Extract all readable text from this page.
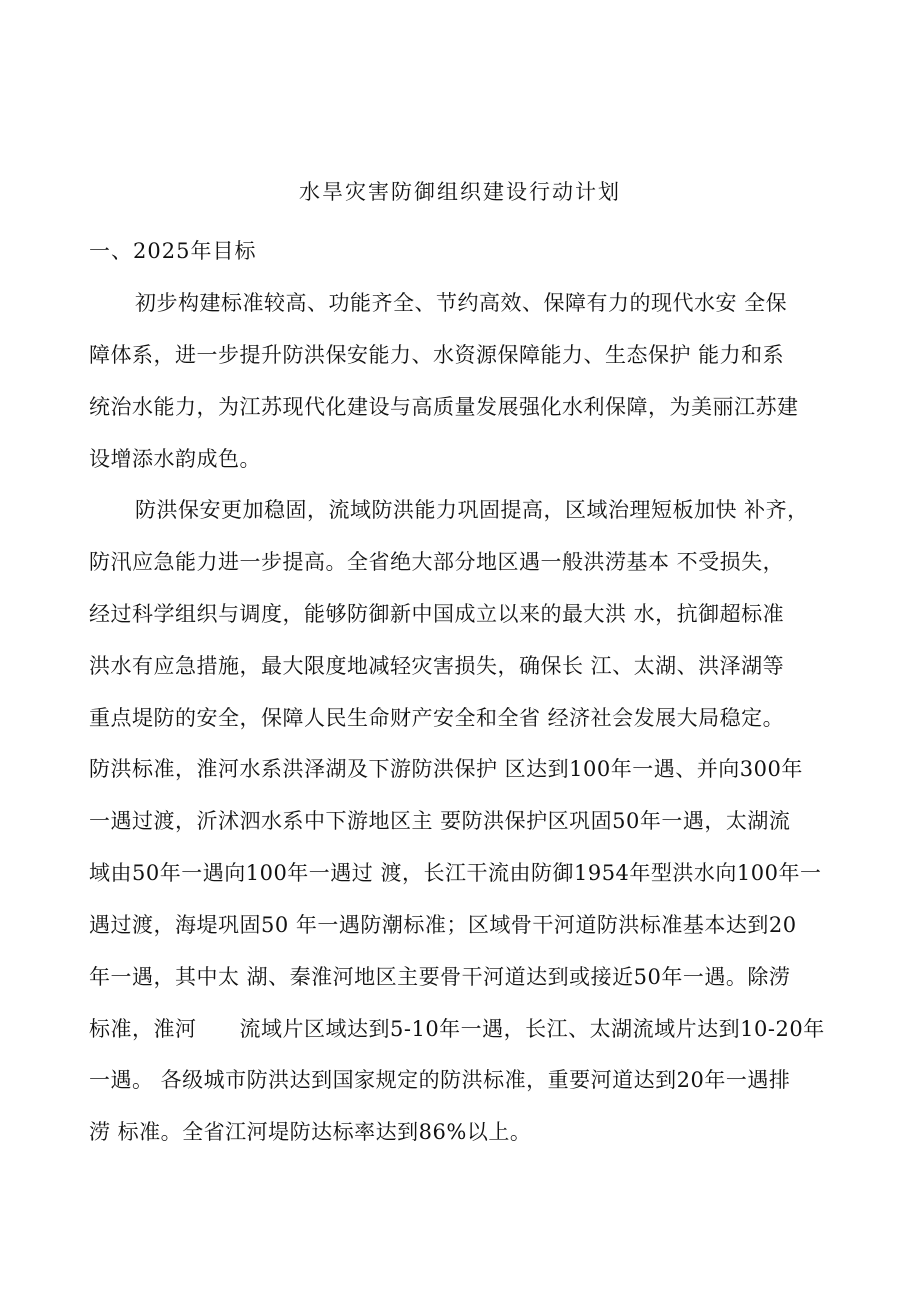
水旱灾害防御组织建设行动计划
一、2025年目标
初步构建标准较高、功能齐全、节约高效、保障有力的现代水安 全保
障体系，进一步提升防洪保安能力、水资源保障能力、生态保护 能力和系
统治水能力，为江苏现代化建设与高质量发展强化水利保障，为美丽江苏建
设增添水韵成色。
防洪保安更加稳固，流域防洪能力巩固提高，区域治理短板加快 补齐，
防汛应急能力进一步提高。全省绝大部分地区遇一般洪涝基本 不受损失，
经过科学组织与调度，能够防御新中国成立以来的最大洪 水，抗御超标准
洪水有应急措施，最大限度地减轻灾害损失，确保长 江、太湖、洪泽湖等
重点堤防的安全，保障人民生命财产安全和全省 经济社会发展大局稳定。
防洪标准，淮河水系洪泽湖及下游防洪保护 区达到100年一遇、并向300年
一遇过渡，沂沭泗水系中下游地区主 要防洪保护区巩固50年一遇，太湖流
域由50年一遇向100年一遇过 渡，长江干流由防御1954年型洪水向100年一
遇过渡，海堤巩固50 年一遇防潮标准；区域骨干河道防洪标准基本达到20
年一遇，其中太 湖、秦淮河地区主要骨干河道达到或接近50年一遇。除涝
标准，淮河　　流域片区域达到5-10年一遇，长江、太湖流域片达到10-20年
一遇。 各级城市防洪达到国家规定的防洪标准，重要河道达到20年一遇排
涝 标准。全省江河堤防达标率达到86%以上。
